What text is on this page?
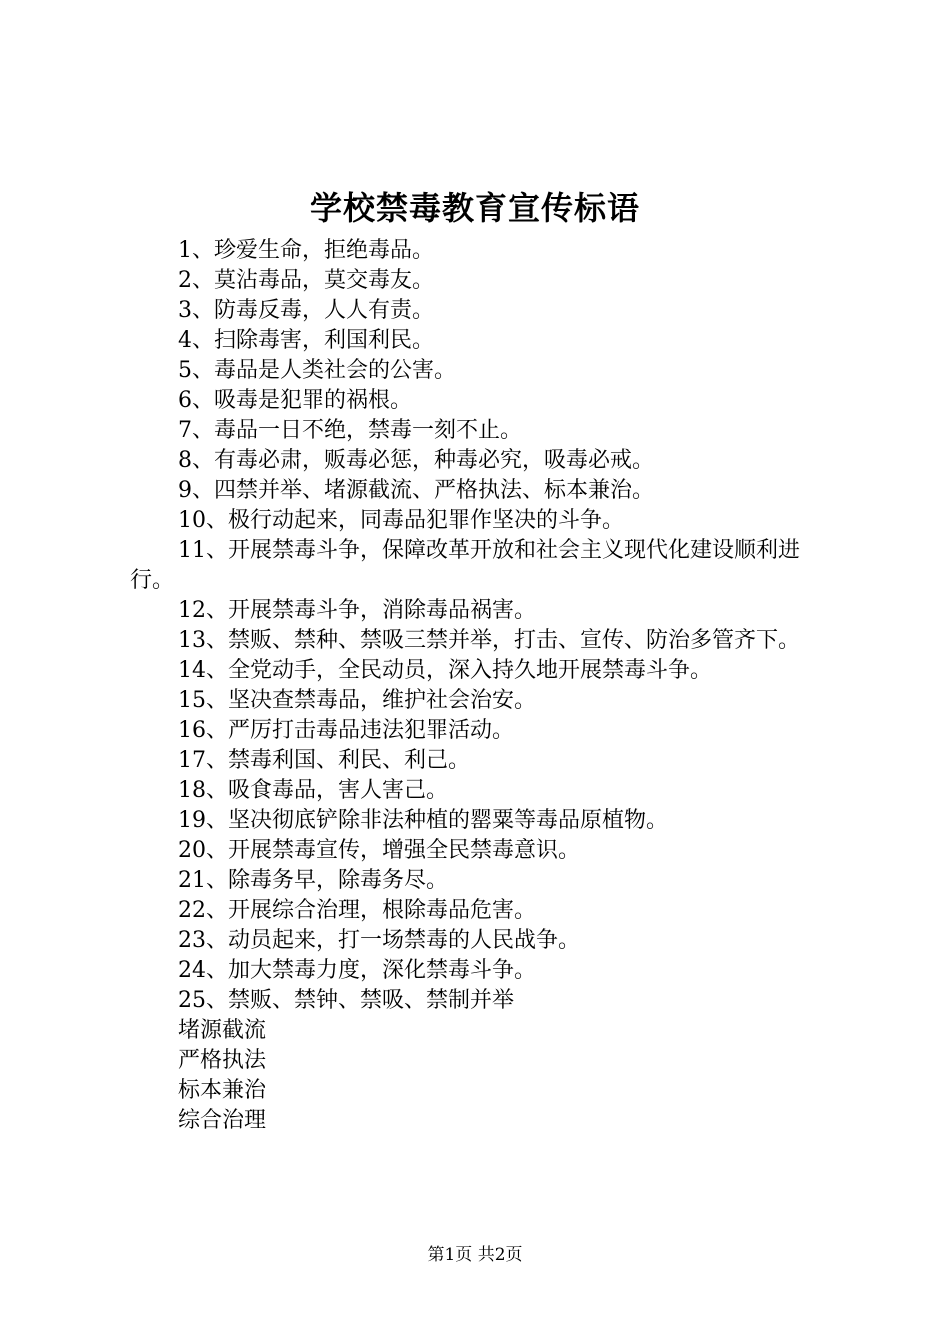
学校禁毒教育宣传标语

1、珍爱生命，拒绝毒品。

2、莫沾毒品，莫交毒友。

3、防毒反毒，人人有责。

4、扫除毒害，利国利民。

5、毒品是人类社会的公害。

6、吸毒是犯罪的祸根。

7、毒品一日不绝，禁毒一刻不止。

8、有毒必肃，贩毒必惩，种毒必究，吸毒必戒。

9、四禁并举、堵源截流、严格执法、标本兼治。

10、极行动起来，同毒品犯罪作坚决的斗争。

11、开展禁毒斗争，保障改革开放和社会主义现代化建设顺利进行。

12、开展禁毒斗争，消除毒品祸害。

13、禁贩、禁种、禁吸三禁并举，打击、宣传、防治多管齐下。

14、全党动手，全民动员，深入持久地开展禁毒斗争。

15、坚决查禁毒品，维护社会治安。

16、严厉打击毒品违法犯罪活动。

17、禁毒利国、利民、利己。

18、吸食毒品，害人害己。

19、坚决彻底铲除非法种植的罂粟等毒品原植物。

20、开展禁毒宣传，增强全民禁毒意识。

21、除毒务早，除毒务尽。

22、开展综合治理，根除毒品危害。

23、动员起来，打一场禁毒的人民战争。

24、加大禁毒力度，深化禁毒斗争。

25、禁贩、禁钟、禁吸、禁制并举

堵源截流

严格执法

标本兼治

综合治理

第1页 共2页
